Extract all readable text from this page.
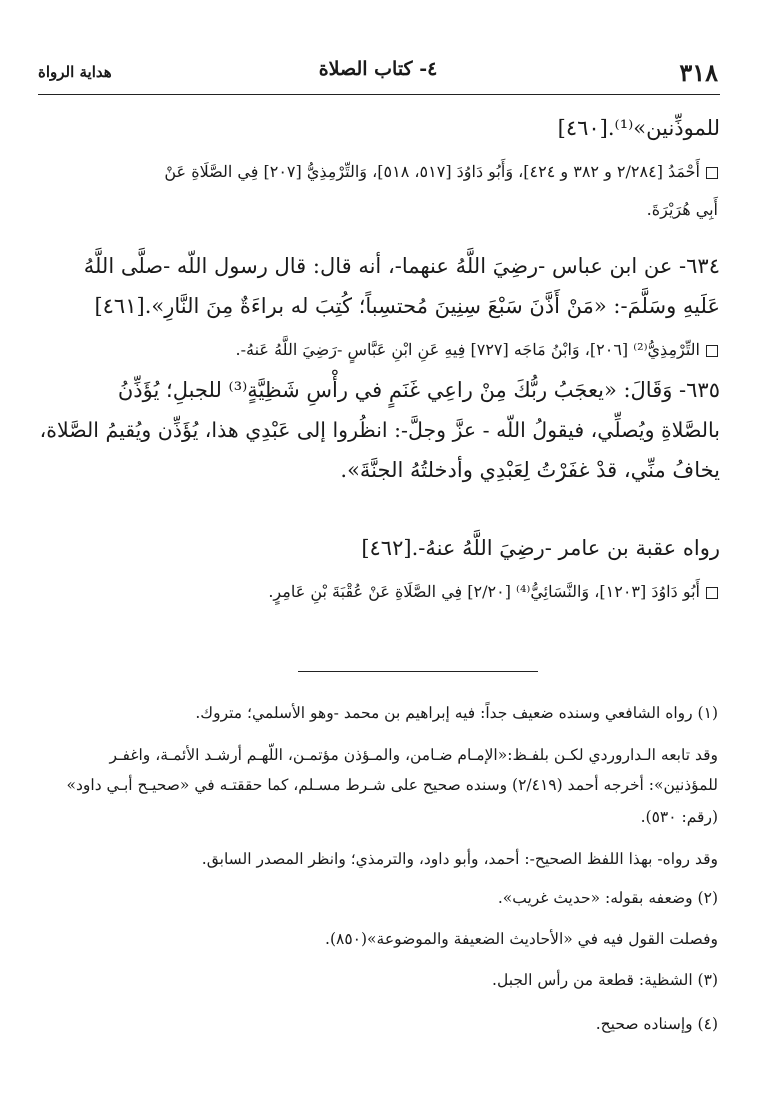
٣١٨
٤- كتاب الصلاة
هداية الرواة
للموذِّنين»⁽¹⁾.[٤٦٠]
أَحْمَدُ [٢/٢٨٤ و ٣٨٢ و ٤٢٤]، وَأَبُو دَاوُدَ [٥١٧، ٥١٨]، وَالتِّرْمِذِيُّ [٢٠٧] فِي الصَّلَاةِ عَنْ
أَبِي هُرَيْرَةَ.
٦٣٤- عن ابن عباس -رضِيَ اللَّهُ عنهما-، أنه قال: قال رسول اللّه -صلَّى اللَّهُ
عَلَيهِ وسَلَّمَ-: «مَنْ أَذَّنَ سَبْعَ سِنِينَ مُحتسِباً؛ كُتِبَ له براءَةٌ مِنَ النَّارِ».[٤٦١]
التِّرْمِذِيُّ⁽²⁾ [٢٠٦]، وَابْنُ مَاجَه [٧٢٧] فِيهِ عَنِ ابْنِ عَبَّاسٍ -رَضِيَ اللَّهُ عَنهُ-.
٦٣٥- وَقَالَ: «يعجَبُ ربُّكَ مِنْ راعِي غَنَمٍ في رأْسِ شَظِيَّةٍ⁽³⁾ للجبلِ؛ يُؤَذِّنُ
بالصَّلاةِ ويُصلِّي، فيقولُ اللّه - عزَّ وجلَّ-: انظُروا إلى عَبْدِي هذا، يُؤَذِّن ويُقيمُ الصَّلاة،
يخافُ منِّي، قدْ غفَرْتُ لِعَبْدِي وأدخلتُهُ الجنَّةَ».
رواه عقبة بن عامر -رضِيَ اللَّهُ عنهُ-.[٤٦٢]
أَبُو دَاوُدَ [١٢٠٣]، وَالنَّسَائِيُّ⁽⁴⁾ [٢/٢٠] فِي الصَّلَاةِ عَنْ عُقْبَةَ بْنِ عَامِرٍ.
(١) رواه الشافعي وسنده ضعيف جداً: فيه إبراهيم بن محمد -وهو الأسلمي؛ متروك.
وقد تابعه الـداروردي لكـن بلفـظ:«الإمـام ضـامن، والمـؤذن مؤتمـن، اللّهـم أرشـد الأئمـة، واغفـر
للمؤذنين»: أخرجه أحمد (٢/٤١٩) وسنده صحيح على شـرط مسـلم، كما حققتـه في «صحيـح أبـي داود»
(رقم: ٥٣٠).
وقد رواه- بهذا اللفظ الصحيح-: أحمد، وأبو داود، والترمذي؛ وانظر المصدر السابق.
(٢) وضعفه بقوله: «حديث غريب».
وفصلت القول فيه في «الأحاديث الضعيفة والموضوعة»(٨٥٠).
(٣) الشظية: قطعة من رأس الجبل.
(٤) وإسناده صحيح.
